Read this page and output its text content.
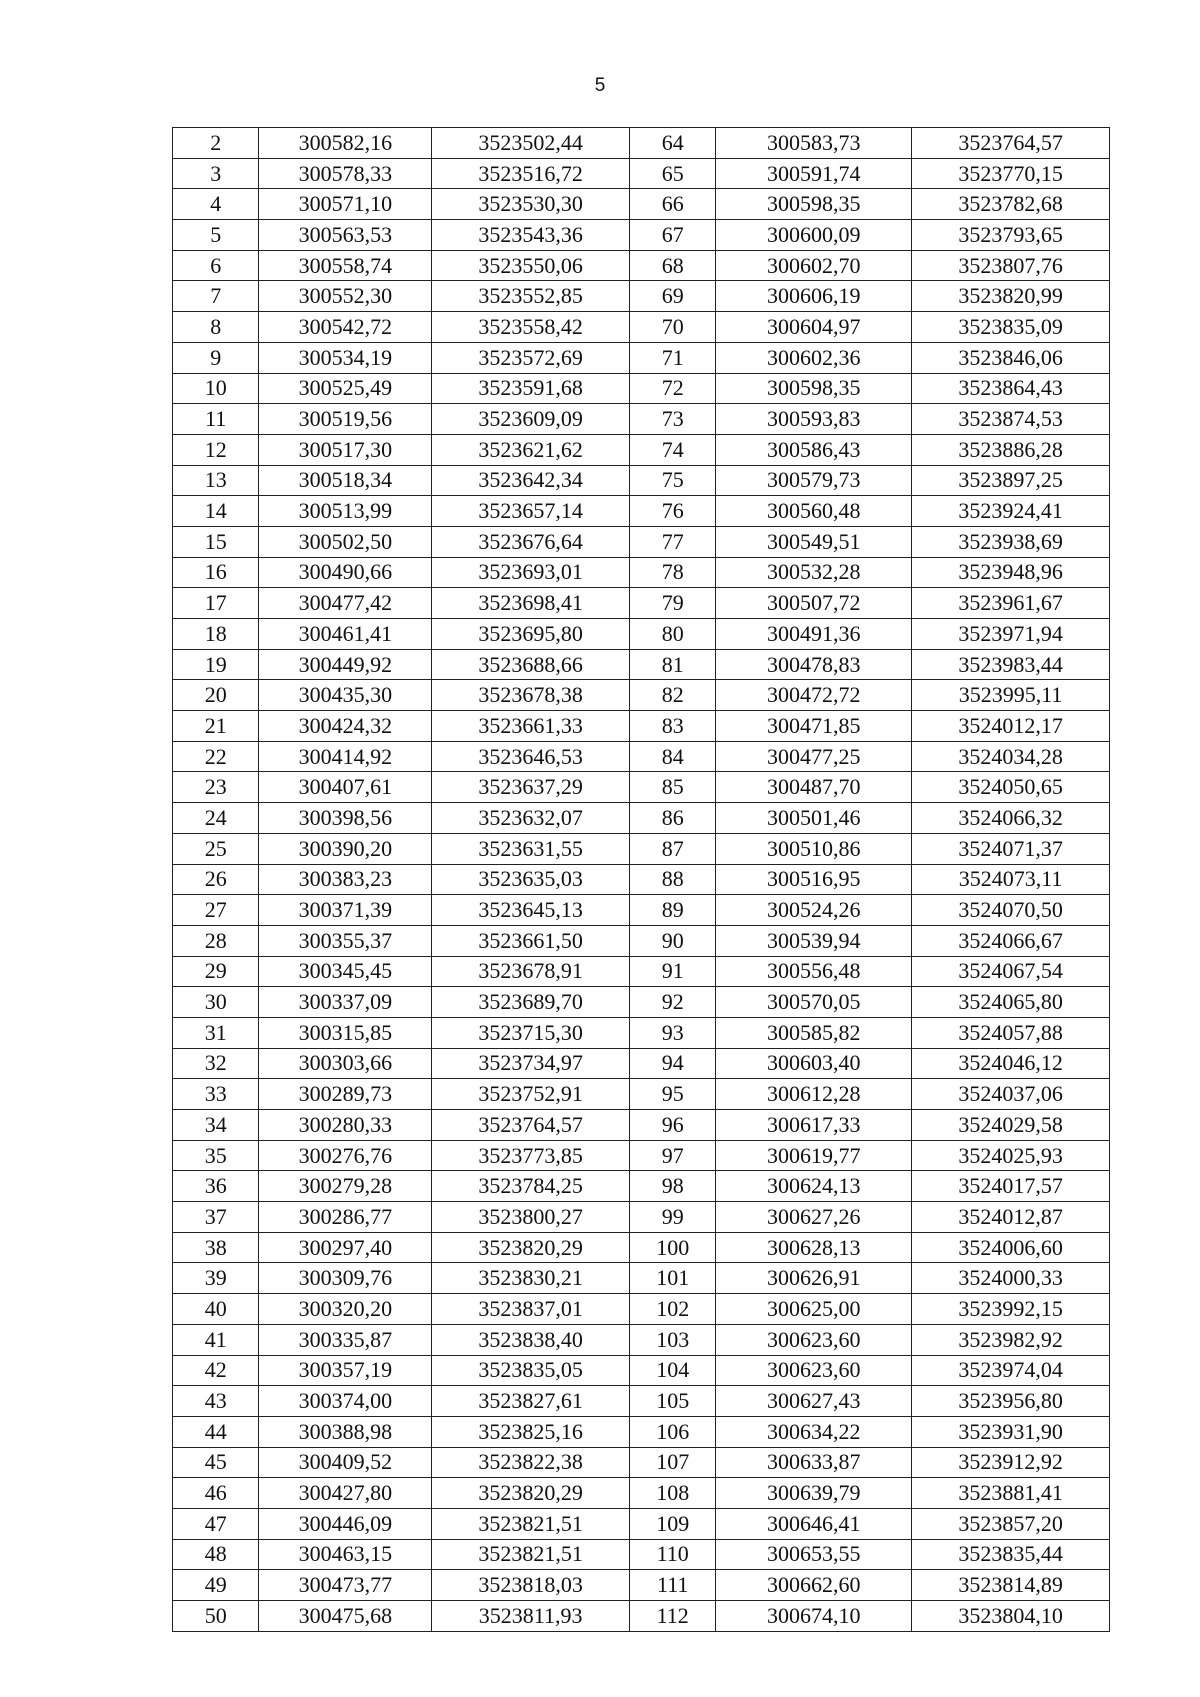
5
2	300582,16	3523502,44	64	300583,73	3523764,57
3	300578,33	3523516,72	65	300591,74	3523770,15
4	300571,10	3523530,30	66	300598,35	3523782,68
5	300563,53	3523543,36	67	300600,09	3523793,65
6	300558,74	3523550,06	68	300602,70	3523807,76
7	300552,30	3523552,85	69	300606,19	3523820,99
8	300542,72	3523558,42	70	300604,97	3523835,09
9	300534,19	3523572,69	71	300602,36	3523846,06
10	300525,49	3523591,68	72	300598,35	3523864,43
11	300519,56	3523609,09	73	300593,83	3523874,53
12	300517,30	3523621,62	74	300586,43	3523886,28
13	300518,34	3523642,34	75	300579,73	3523897,25
14	300513,99	3523657,14	76	300560,48	3523924,41
15	300502,50	3523676,64	77	300549,51	3523938,69
16	300490,66	3523693,01	78	300532,28	3523948,96
17	300477,42	3523698,41	79	300507,72	3523961,67
18	300461,41	3523695,80	80	300491,36	3523971,94
19	300449,92	3523688,66	81	300478,83	3523983,44
20	300435,30	3523678,38	82	300472,72	3523995,11
21	300424,32	3523661,33	83	300471,85	3524012,17
22	300414,92	3523646,53	84	300477,25	3524034,28
23	300407,61	3523637,29	85	300487,70	3524050,65
24	300398,56	3523632,07	86	300501,46	3524066,32
25	300390,20	3523631,55	87	300510,86	3524071,37
26	300383,23	3523635,03	88	300516,95	3524073,11
27	300371,39	3523645,13	89	300524,26	3524070,50
28	300355,37	3523661,50	90	300539,94	3524066,67
29	300345,45	3523678,91	91	300556,48	3524067,54
30	300337,09	3523689,70	92	300570,05	3524065,80
31	300315,85	3523715,30	93	300585,82	3524057,88
32	300303,66	3523734,97	94	300603,40	3524046,12
33	300289,73	3523752,91	95	300612,28	3524037,06
34	300280,33	3523764,57	96	300617,33	3524029,58
35	300276,76	3523773,85	97	300619,77	3524025,93
36	300279,28	3523784,25	98	300624,13	3524017,57
37	300286,77	3523800,27	99	300627,26	3524012,87
38	300297,40	3523820,29	100	300628,13	3524006,60
39	300309,76	3523830,21	101	300626,91	3524000,33
40	300320,20	3523837,01	102	300625,00	3523992,15
41	300335,87	3523838,40	103	300623,60	3523982,92
42	300357,19	3523835,05	104	300623,60	3523974,04
43	300374,00	3523827,61	105	300627,43	3523956,80
44	300388,98	3523825,16	106	300634,22	3523931,90
45	300409,52	3523822,38	107	300633,87	3523912,92
46	300427,80	3523820,29	108	300639,79	3523881,41
47	300446,09	3523821,51	109	300646,41	3523857,20
48	300463,15	3523821,51	110	300653,55	3523835,44
49	300473,77	3523818,03	111	300662,60	3523814,89
50	300475,68	3523811,93	112	300674,10	3523804,10
